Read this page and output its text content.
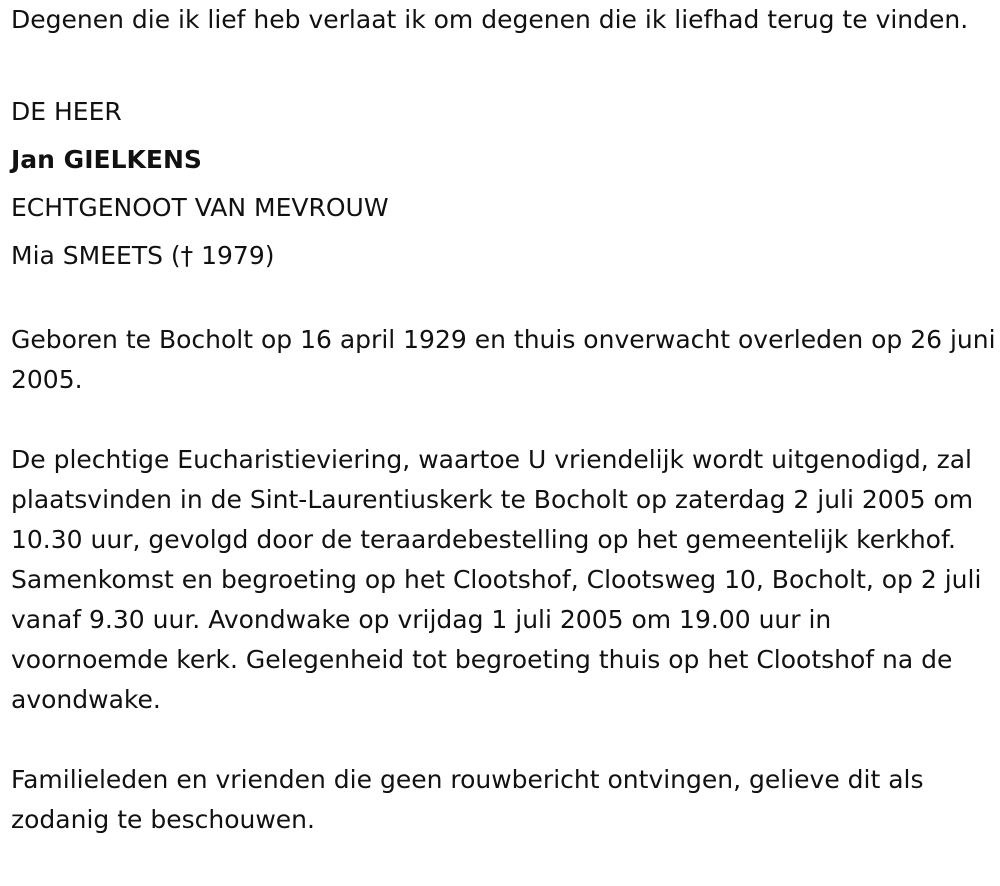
Degenen die ik lief heb verlaat ik om degenen die ik liefhad terug te vinden.

DE HEER

Jan GIELKENS

ECHTGENOOT VAN MEVROUW

Mia SMEETS († 1979)

Geboren te Bocholt op 16 april 1929 en thuis onverwacht overleden op 26 juni 2005.

De plechtige Eucharistieviering, waartoe U vriendelijk wordt uitgenodigd, zal plaatsvinden in de Sint-Laurentiuskerk te Bocholt op zaterdag 2 juli 2005 om 10.30 uur, gevolgd door de teraardebestelling op het gemeentelijk kerkhof. Samenkomst en begroeting op het Clootshof, Clootsweg 10, Bocholt, op 2 juli vanaf 9.30 uur. Avondwake op vrijdag 1 juli 2005 om 19.00 uur in voornoemde kerk. Gelegenheid tot begroeting thuis op het Clootshof na de avondwake.

Familieleden en vrienden die geen rouwbericht ontvingen, gelieve dit als zodanig te beschouwen.
